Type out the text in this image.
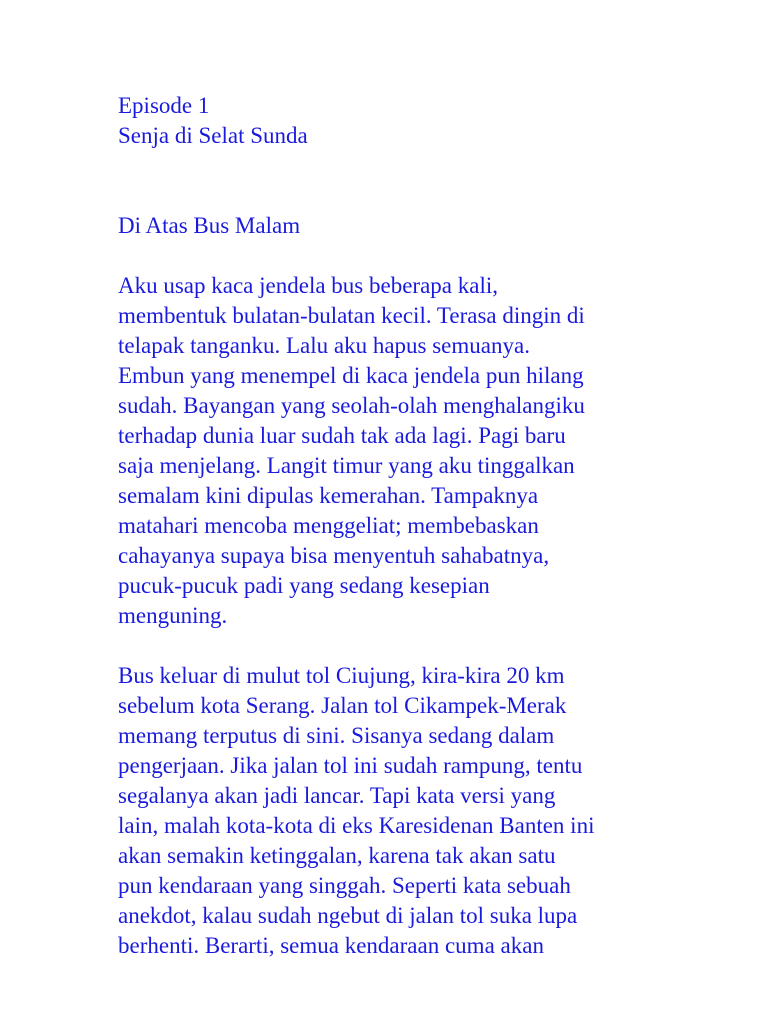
Episode 1
Senja di Selat Sunda
Di Atas Bus Malam
Aku usap kaca jendela bus beberapa kali,
membentuk bulatan-bulatan kecil. Terasa dingin di
telapak tanganku. Lalu aku hapus semuanya.
Embun yang menempel di kaca jendela pun hilang
sudah. Bayangan yang seolah-olah menghalangiku
terhadap dunia luar sudah tak ada lagi. Pagi baru
saja menjelang. Langit timur yang aku tinggalkan
semalam kini dipulas kemerahan. Tampaknya
matahari mencoba menggeliat; membebaskan
cahayanya supaya bisa menyentuh sahabatnya,
pucuk-pucuk padi yang sedang kesepian
menguning.
Bus keluar di mulut tol Ciujung, kira-kira 20 km
sebelum kota Serang. Jalan tol Cikampek-Merak
memang terputus di sini. Sisanya sedang dalam
pengerjaan. Jika jalan tol ini sudah rampung, tentu
segalanya akan jadi lancar. Tapi kata versi yang
lain, malah kota-kota di eks Karesidenan Banten ini
akan semakin ketinggalan, karena tak akan satu
pun kendaraan yang singgah. Seperti kata sebuah
anekdot, kalau sudah ngebut di jalan tol suka lupa
berhenti. Berarti, semua kendaraan cuma akan
